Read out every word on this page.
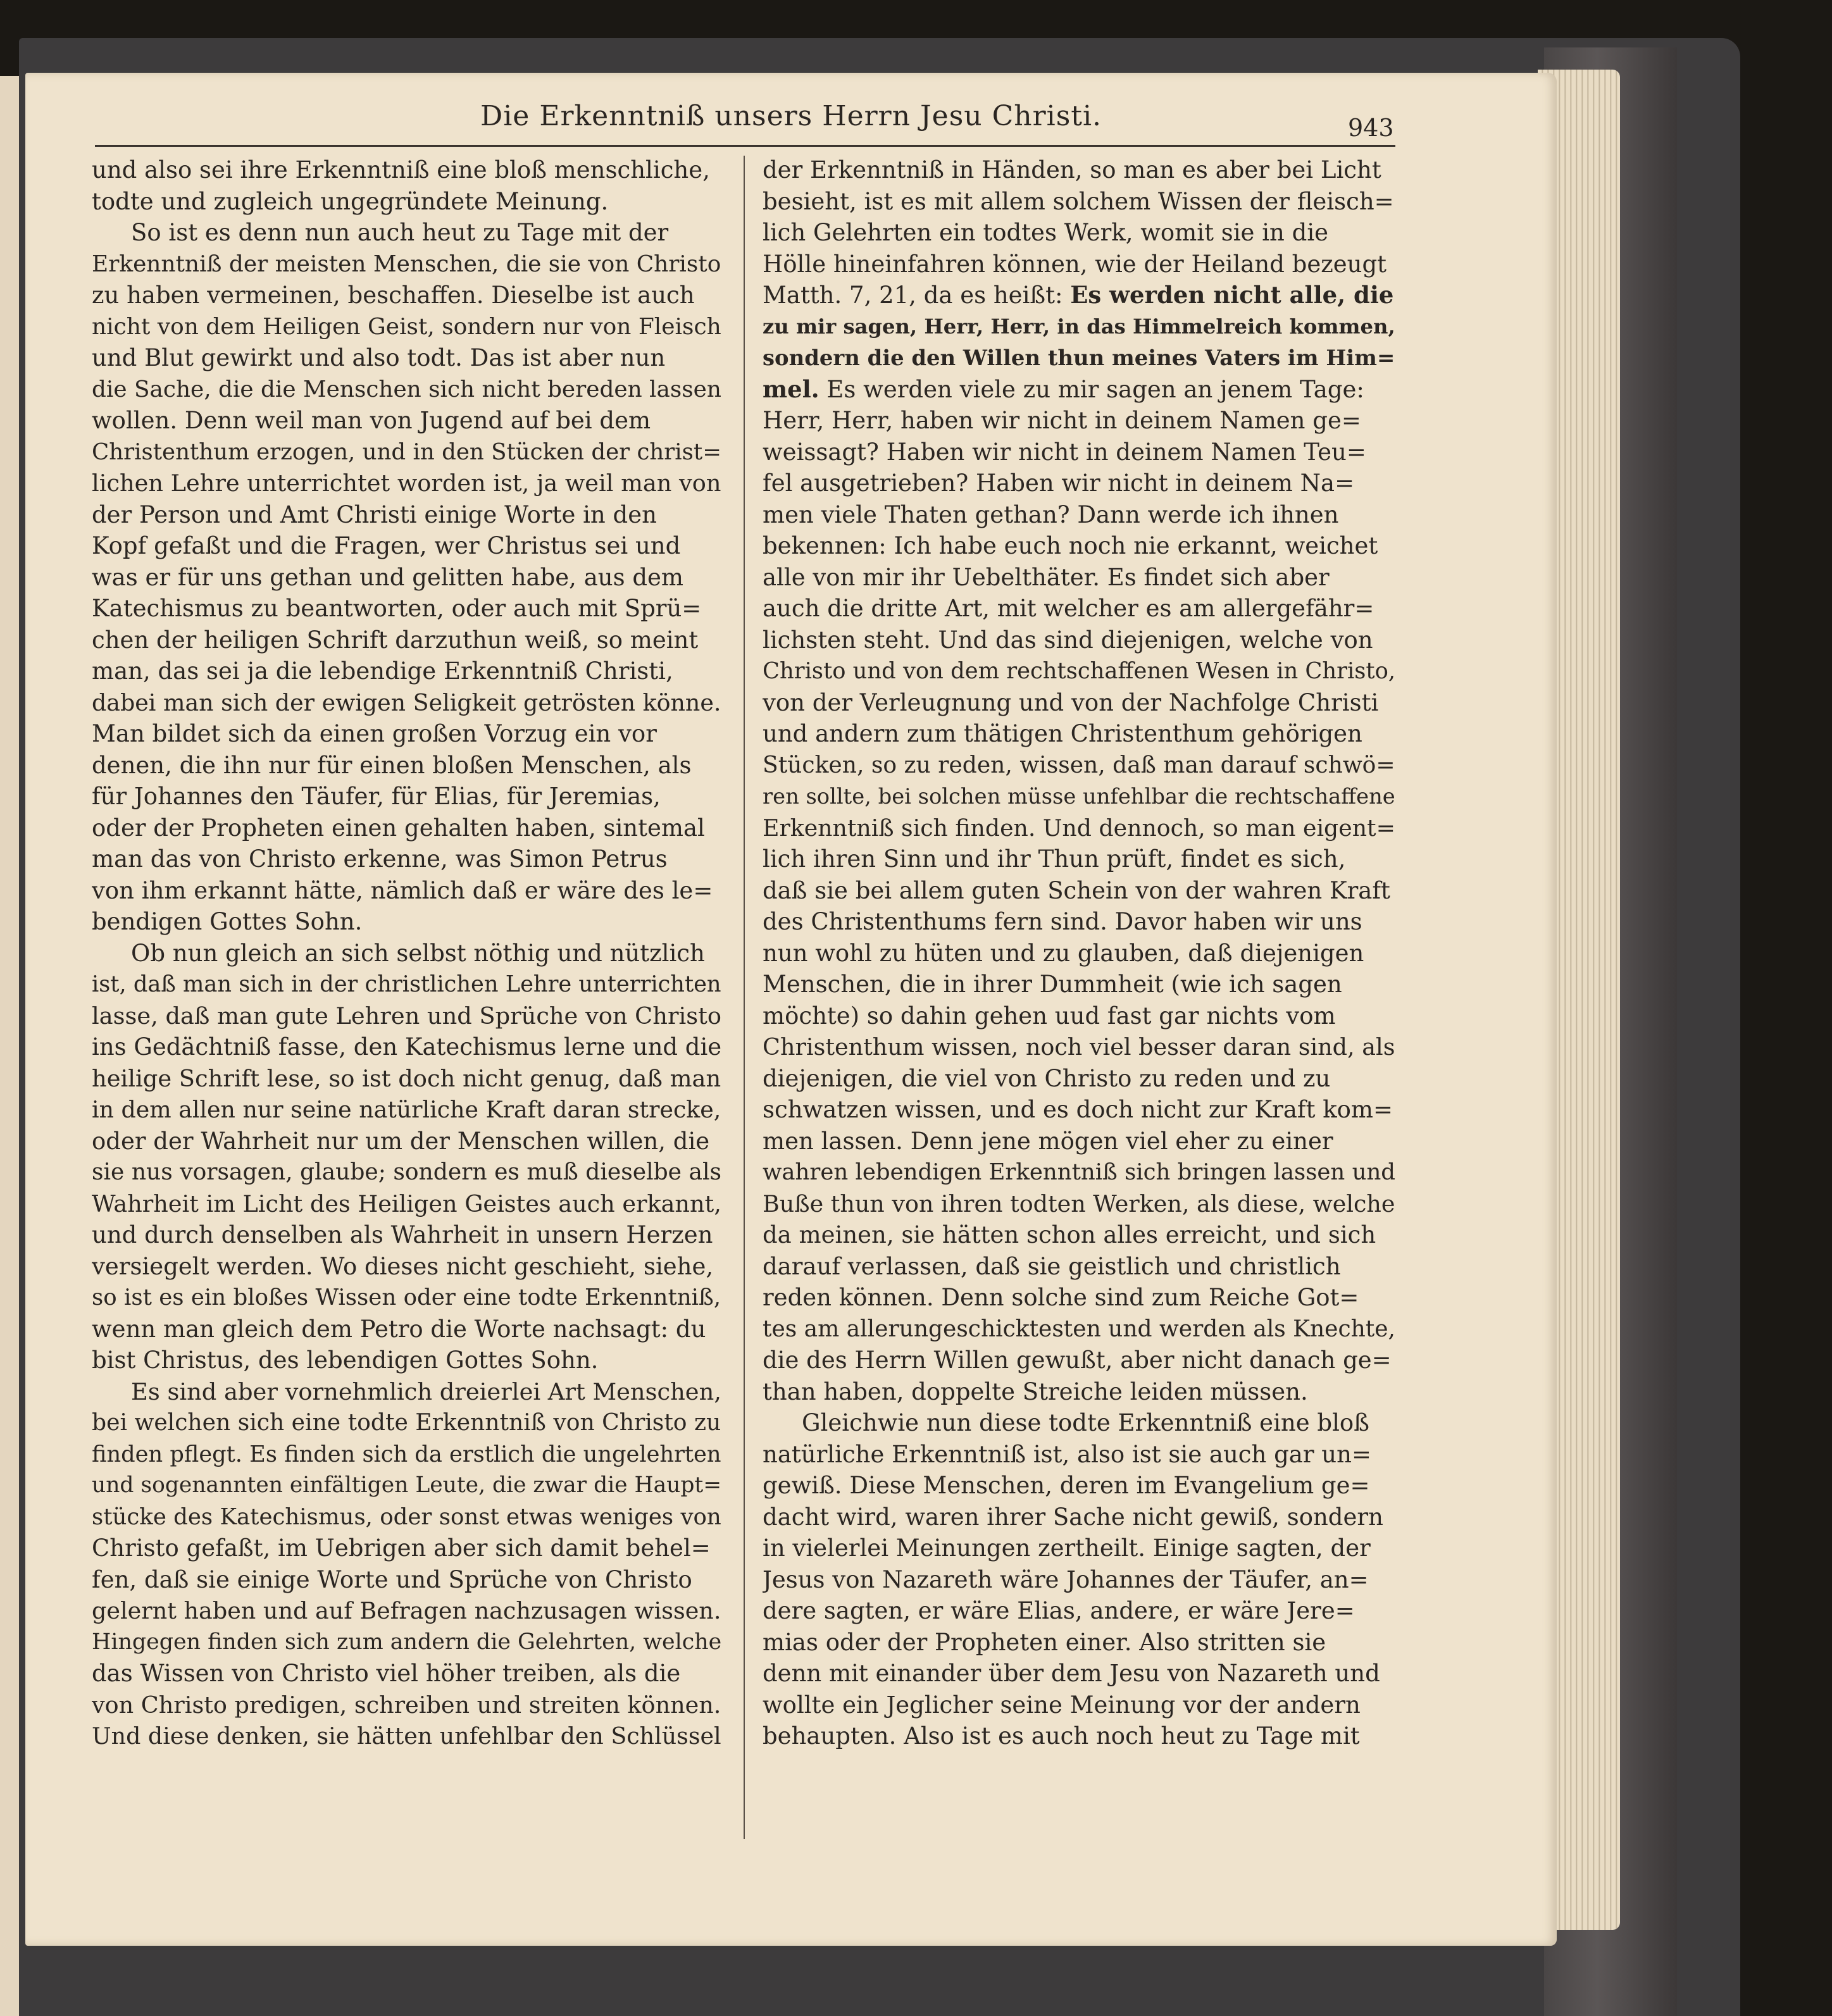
Die Erkenntniß unsers Herrn Jesu Christi.	943
und also sei ihre Erkenntniß eine bloß menschliche,
todte und zugleich ungegründete Meinung.
So ist es denn nun auch heut zu Tage mit der
Erkenntniß der meisten Menschen, die sie von Christo
zu haben vermeinen, beschaffen. Dieselbe ist auch
nicht von dem Heiligen Geist, sondern nur von Fleisch
und Blut gewirkt und also todt. Das ist aber nun
die Sache, die die Menschen sich nicht bereden lassen
wollen. Denn weil man von Jugend auf bei dem
Christenthum erzogen, und in den Stücken der christ=
lichen Lehre unterrichtet worden ist, ja weil man von
der Person und Amt Christi einige Worte in den
Kopf gefaßt und die Fragen, wer Christus sei und
was er für uns gethan und gelitten habe, aus dem
Katechismus zu beantworten, oder auch mit Sprü=
chen der heiligen Schrift darzuthun weiß, so meint
man, das sei ja die lebendige Erkenntniß Christi,
dabei man sich der ewigen Seligkeit getrösten könne.
Man bildet sich da einen großen Vorzug ein vor
denen, die ihn nur für einen bloßen Menschen, als
für Johannes den Täufer, für Elias, für Jeremias,
oder der Propheten einen gehalten haben, sintemal
man das von Christo erkenne, was Simon Petrus
von ihm erkannt hätte, nämlich daß er wäre des le=
bendigen Gottes Sohn.
Ob nun gleich an sich selbst nöthig und nützlich
ist, daß man sich in der christlichen Lehre unterrichten
lasse, daß man gute Lehren und Sprüche von Christo
ins Gedächtniß fasse, den Katechismus lerne und die
heilige Schrift lese, so ist doch nicht genug, daß man
in dem allen nur seine natürliche Kraft daran strecke,
oder der Wahrheit nur um der Menschen willen, die
sie nus vorsagen, glaube; sondern es muß dieselbe als
Wahrheit im Licht des Heiligen Geistes auch erkannt,
und durch denselben als Wahrheit in unsern Herzen
versiegelt werden. Wo dieses nicht geschieht, siehe,
so ist es ein bloßes Wissen oder eine todte Erkenntniß,
wenn man gleich dem Petro die Worte nachsagt: du
bist Christus, des lebendigen Gottes Sohn.
Es sind aber vornehmlich dreierlei Art Menschen,
bei welchen sich eine todte Erkenntniß von Christo zu
finden pflegt. Es finden sich da erstlich die ungelehrten
und sogenannten einfältigen Leute, die zwar die Haupt=
stücke des Katechismus, oder sonst etwas weniges von
Christo gefaßt, im Uebrigen aber sich damit behel=
fen, daß sie einige Worte und Sprüche von Christo
gelernt haben und auf Befragen nachzusagen wissen.
Hingegen finden sich zum andern die Gelehrten, welche
das Wissen von Christo viel höher treiben, als die
von Christo predigen, schreiben und streiten können.
Und diese denken, sie hätten unfehlbar den Schlüssel
der Erkenntniß in Händen, so man es aber bei Licht
besieht, ist es mit allem solchem Wissen der fleisch=
lich Gelehrten ein todtes Werk, womit sie in die
Hölle hineinfahren können, wie der Heiland bezeugt
Matth. 7, 21, da es heißt: Es werden nicht alle, die
zu mir sagen, Herr, Herr, in das Himmelreich kommen,
sondern die den Willen thun meines Vaters im Him=
mel. Es werden viele zu mir sagen an jenem Tage:
Herr, Herr, haben wir nicht in deinem Namen ge=
weissagt? Haben wir nicht in deinem Namen Teu=
fel ausgetrieben? Haben wir nicht in deinem Na=
men viele Thaten gethan? Dann werde ich ihnen
bekennen: Ich habe euch noch nie erkannt, weichet
alle von mir ihr Uebelthäter. Es findet sich aber
auch die dritte Art, mit welcher es am allergefähr=
lichsten steht. Und das sind diejenigen, welche von
Christo und von dem rechtschaffenen Wesen in Christo,
von der Verleugnung und von der Nachfolge Christi
und andern zum thätigen Christenthum gehörigen
Stücken, so zu reden, wissen, daß man darauf schwö=
ren sollte, bei solchen müsse unfehlbar die rechtschaffene
Erkenntniß sich finden. Und dennoch, so man eigent=
lich ihren Sinn und ihr Thun prüft, findet es sich,
daß sie bei allem guten Schein von der wahren Kraft
des Christenthums fern sind. Davor haben wir uns
nun wohl zu hüten und zu glauben, daß diejenigen
Menschen, die in ihrer Dummheit (wie ich sagen
möchte) so dahin gehen uud fast gar nichts vom
Christenthum wissen, noch viel besser daran sind, als
diejenigen, die viel von Christo zu reden und zu
schwatzen wissen, und es doch nicht zur Kraft kom=
men lassen. Denn jene mögen viel eher zu einer
wahren lebendigen Erkenntniß sich bringen lassen und
Buße thun von ihren todten Werken, als diese, welche
da meinen, sie hätten schon alles erreicht, und sich
darauf verlassen, daß sie geistlich und christlich
reden können. Denn solche sind zum Reiche Got=
tes am allerungeschicktesten und werden als Knechte,
die des Herrn Willen gewußt, aber nicht danach ge=
than haben, doppelte Streiche leiden müssen.
Gleichwie nun diese todte Erkenntniß eine bloß
natürliche Erkenntniß ist, also ist sie auch gar un=
gewiß. Diese Menschen, deren im Evangelium ge=
dacht wird, waren ihrer Sache nicht gewiß, sondern
in vielerlei Meinungen zertheilt. Einige sagten, der
Jesus von Nazareth wäre Johannes der Täufer, an=
dere sagten, er wäre Elias, andere, er wäre Jere=
mias oder der Propheten einer. Also stritten sie
denn mit einander über dem Jesu von Nazareth und
wollte ein Jeglicher seine Meinung vor der andern
behaupten. Also ist es auch noch heut zu Tage mit
